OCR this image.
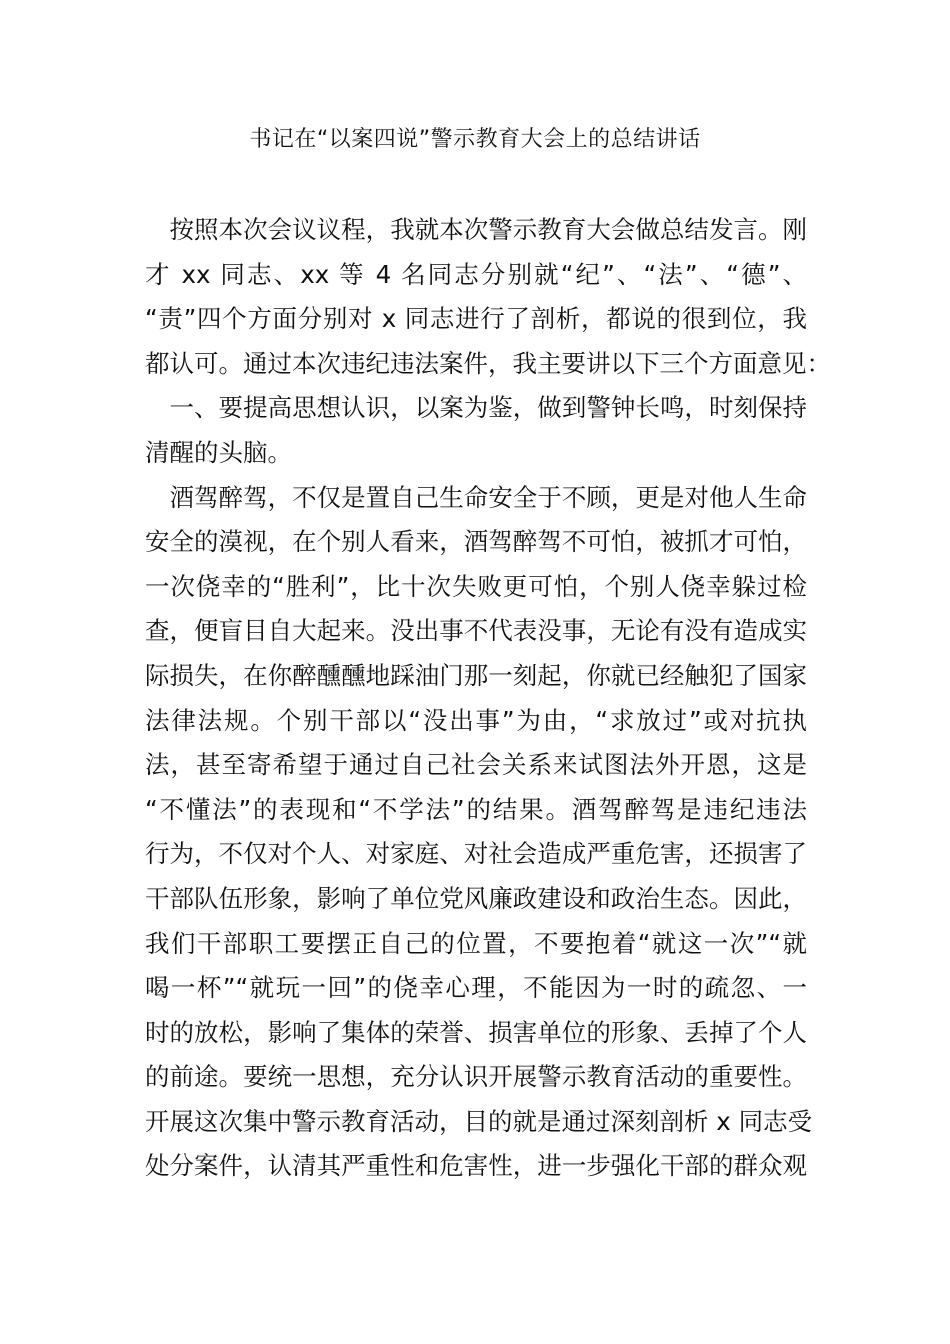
书记在“以案四说”警示教育大会上的总结讲话
　按照本次会议议程，我就本次警示教育大会做总结发言。刚
才 xx 同志、xx 等 4 名同志分别就“纪”、“法”、“德”、
“责”四个方面分别对 x 同志进行了剖析，都说的很到位，我
都认可。通过本次违纪违法案件，我主要讲以下三个方面意见：
　一、要提高思想认识，以案为鉴，做到警钟长鸣，时刻保持
清醒的头脑。
　酒驾醉驾，不仅是置自己生命安全于不顾，更是对他人生命
安全的漠视，在个别人看来，酒驾醉驾不可怕，被抓才可怕，
一次侥幸的“胜利”，比十次失败更可怕，个别人侥幸躲过检
查，便盲目自大起来。没出事不代表没事，无论有没有造成实
际损失，在你醉醺醺地踩油门那一刻起，你就已经触犯了国家
法律法规。个别干部以“没出事”为由，“求放过”或对抗执
法，甚至寄希望于通过自己社会关系来试图法外开恩，这是
“不懂法”的表现和“不学法”的结果。酒驾醉驾是违纪违法
行为，不仅对个人、对家庭、对社会造成严重危害，还损害了
干部队伍形象，影响了单位党风廉政建设和政治生态。因此，
我们干部职工要摆正自己的位置，不要抱着“就这一次”“就
喝一杯”“就玩一回”的侥幸心理，不能因为一时的疏忽、一
时的放松，影响了集体的荣誉、损害单位的形象、丢掉了个人
的前途。要统一思想，充分认识开展警示教育活动的重要性。
开展这次集中警示教育活动，目的就是通过深刻剖析 x 同志受
处分案件，认清其严重性和危害性，进一步强化干部的群众观
